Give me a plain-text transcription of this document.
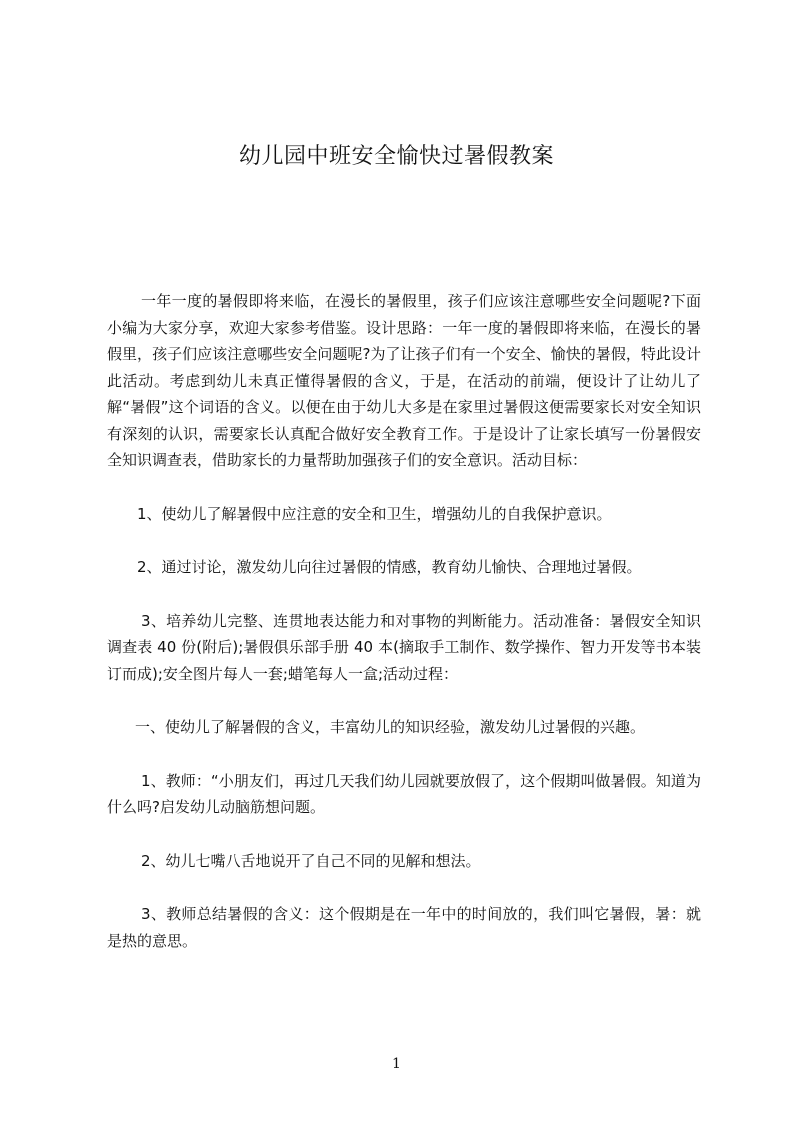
幼儿园中班安全愉快过暑假教案

一年一度的暑假即将来临，在漫长的暑假里，孩子们应该注意哪些安全问题呢?下面小编为大家分享，欢迎大家参考借鉴。设计思路：一年一度的暑假即将来临，在漫长的暑假里，孩子们应该注意哪些安全问题呢?为了让孩子们有一个安全、愉快的暑假，特此设计此活动。考虑到幼儿未真正懂得暑假的含义，于是，在活动的前端，便设计了让幼儿了解“暑假”这个词语的含义。以便在由于幼儿大多是在家里过暑假这便需要家长对安全知识有深刻的认识，需要家长认真配合做好安全教育工作。于是设计了让家长填写一份暑假安全知识调查表，借助家长的力量帮助加强孩子们的安全意识。活动目标：

1、使幼儿了解暑假中应注意的安全和卫生，增强幼儿的自我保护意识。

2、通过讨论，激发幼儿向往过暑假的情感，教育幼儿愉快、合理地过暑假。

3、培养幼儿完整、连贯地表达能力和对事物的判断能力。活动准备：暑假安全知识调查表 40 份(附后);暑假俱乐部手册 40 本(摘取手工制作、数学操作、智力开发等书本装订而成);安全图片每人一套;蜡笔每人一盒;活动过程：

一、使幼儿了解暑假的含义，丰富幼儿的知识经验，激发幼儿过暑假的兴趣。

1、教师：“小朋友们，再过几天我们幼儿园就要放假了，这个假期叫做暑假。知道为什么吗?启发幼儿动脑筋想问题。

2、幼儿七嘴八舌地说开了自己不同的见解和想法。

3、教师总结暑假的含义：这个假期是在一年中的时间放的，我们叫它暑假，暑：就是热的意思。

1
